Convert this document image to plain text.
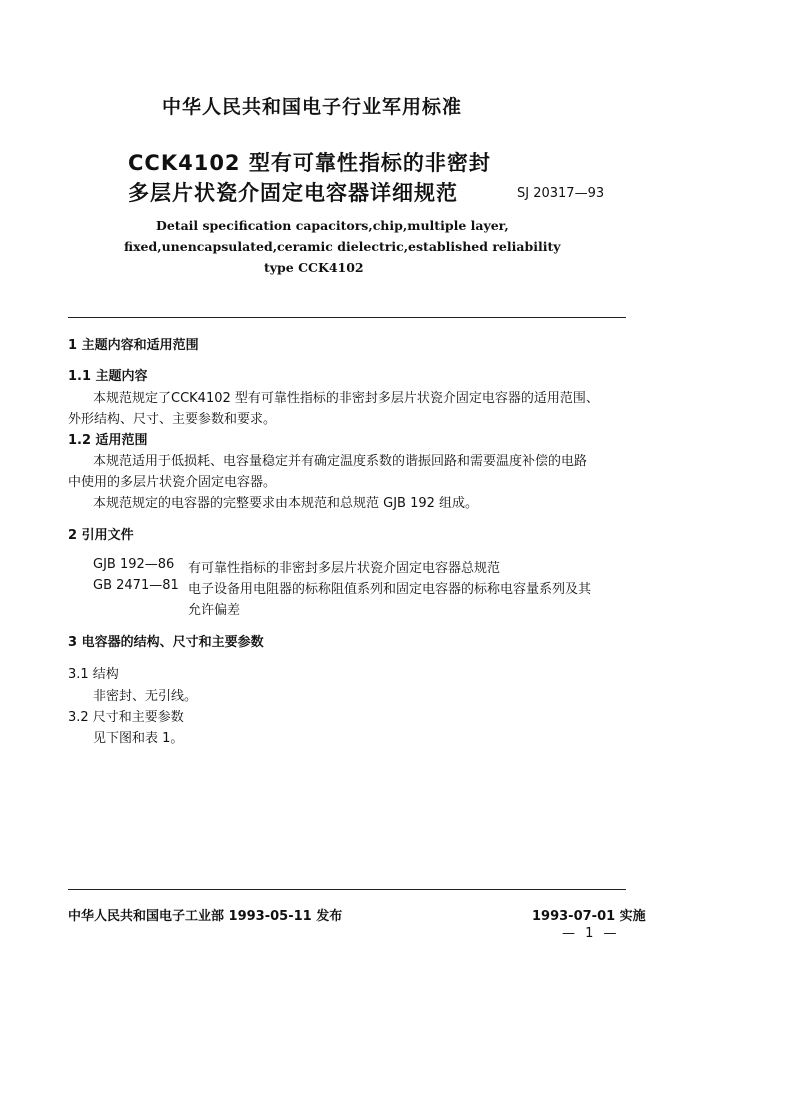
中华人民共和国电子行业军用标准
CCK4102 型有可靠性指标的非密封
多层片状瓷介固定电容器详细规范	SJ 20317—93
Detail specification capacitors,chip,multiple layer,
fixed,unencapsulated,ceramic dielectric,established reliability
type CCK4102
1 主题内容和适用范围
1.1 主题内容
本规范规定了CCK4102 型有可靠性指标的非密封多层片状瓷介固定电容器的适用范围、
外形结构、尺寸、主要参数和要求。
1.2 适用范围
本规范适用于低损耗、电容量稳定并有确定温度系数的谐振回路和需要温度补偿的电路
中使用的多层片状瓷介固定电容器。
本规范规定的电容器的完整要求由本规范和总规范 GJB 192 组成。
2 引用文件
GJB 192—86 有可靠性指标的非密封多层片状瓷介固定电容器总规范
GB 2471—81 电子设备用电阻器的标称阻值系列和固定电容器的标称电容量系列及其
允许偏差
3 电容器的结构、尺寸和主要参数
3.1 结构
非密封、无引线。
3.2 尺寸和主要参数
见下图和表 1。
中华人民共和国电子工业部 1993-05-11 发布	1993-07-01 实施
— 1 —
